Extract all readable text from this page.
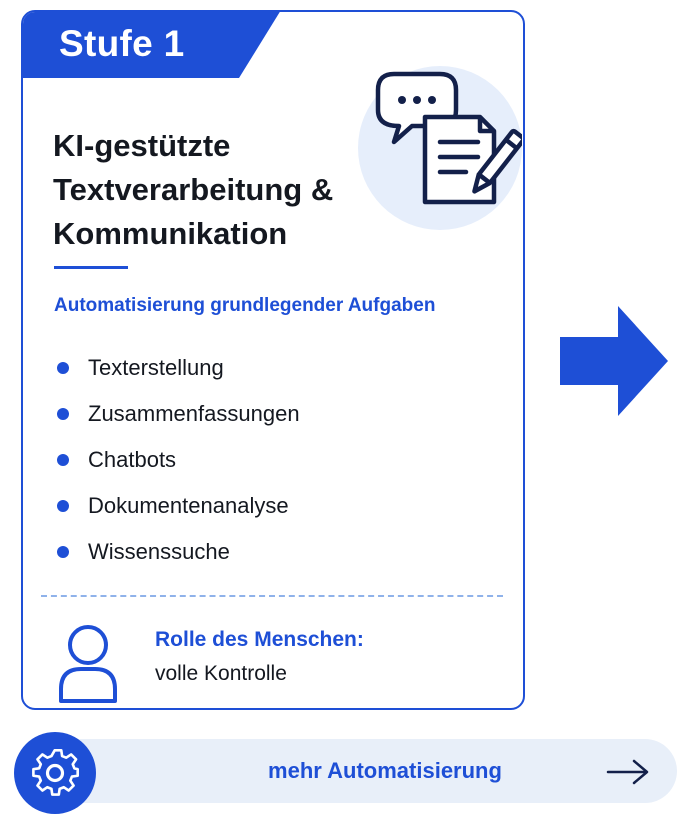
Stufe 1
KI-gestützte
Textverarbeitung &
Kommunikation
Automatisierung grundlegender Aufgaben
Texterstellung
Zusammenfassungen
Chatbots
Dokumentenanalyse
Wissenssuche
Rolle des Menschen:
volle Kontrolle
mehr Automatisierung
